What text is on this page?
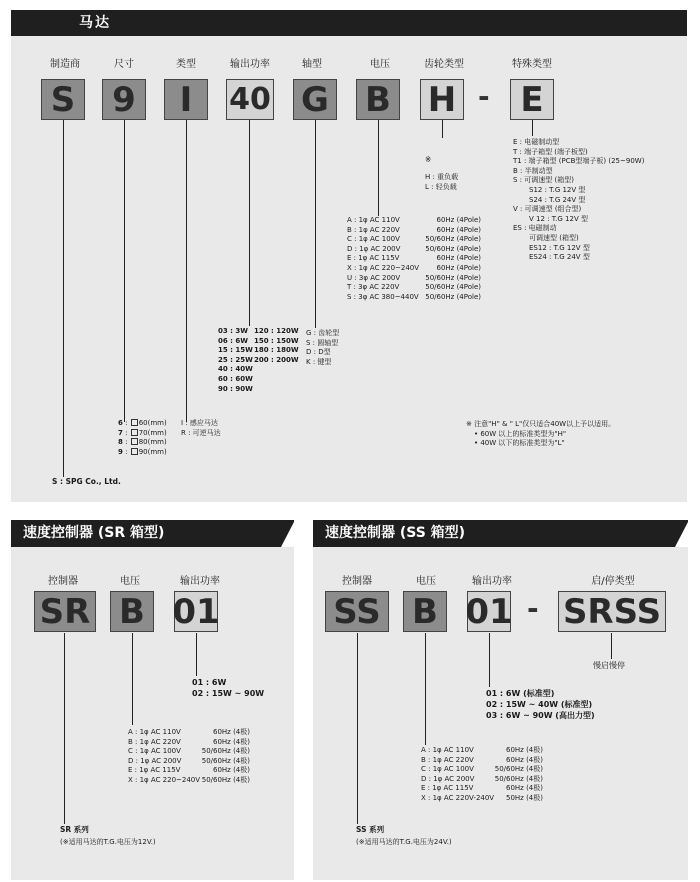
马达
制造商	尺寸	类型	输出功率	轴型	电压	齿轮类型	特殊类型
S 9	I	40 G B H - E
S : SPG Co., Ltd.
6 : 60(mm)
7 : 70(mm)
8 : 80(mm)
9 : 90(mm)
I : 感应马达
R : 可逆马达
03 : 3W
06 : 6W
15 : 15W
25 : 25W
40 : 40W
60 : 60W
90 : 90W
120 : 120W
150 : 150W
180 : 180W
200 : 200W
G : 齿轮型
S : 圆轴型
D : D型
K : 键型
A : 1φ AC 110V	60Hz (4Pole)
B : 1φ AC 220V	60Hz (4Pole)
C : 1φ AC 100V	50/60Hz (4Pole)
D : 1φ AC 200V	50/60Hz (4Pole)
E : 1φ AC 115V	60Hz (4Pole)
X : 1φ AC 220~240V	60Hz (4Pole)
U : 3φ AC 200V	50/60Hz (4Pole)
T : 3φ AC 220V	50/60Hz (4Pole)
S : 3φ AC 380~440V 50/60Hz (4Pole)
※
H : 重负载
L : 轻负载
E : 电磁制动型
T : 端子箱型 (端子板型)
T1 : 端子箱型 (PCB型端子板) (25~90W)
B : 半制动型
S : 可调速型 (箱型)
S12 : T.G 12V 型
S24 : T.G 24V 型
V : 可调速型 (组合型)
V 12 : T.G 12V 型
ES : 电磁制动
可调速型 (箱型)
ES12 : T.G 12V 型
ES24 : T.G 24V 型
※ 注意"H" & " L"仅只适合40W以上予以适用。
• 60W 以上的标准类型为"H"
• 40W 以下的标准类型为"L"
速度控制器 (SR 箱型)
控制器	电压	输出功率
SR B 01
01 : 6W
02 : 15W ~ 90W
A : 1φ AC 110V	60Hz (4极)
B : 1φ AC 220V	60Hz (4极)
C : 1φ AC 100V	50/60Hz (4极)
D : 1φ AC 200V	50/60Hz (4极)
E : 1φ AC 115V	60Hz (4极)
X : 1φ AC 220~240V 50/60Hz (4极)
SR 系列
(※适用马达的T.G.电压为12V.)
速度控制器 (SS 箱型)
控制器	电压	输出功率	启/停类型
SS B 01 - SRSS
慢启慢停
01 : 6W (标准型)
02 : 15W ~ 40W (标准型)
03 : 6W ~ 90W (高出力型)
A : 1φ AC 110V	60Hz (4极)
B : 1φ AC 220V	60Hz (4极)
C : 1φ AC 100V	50/60Hz (4极)
D : 1φ AC 200V	50/60Hz (4极)
E : 1φ AC 115V	60Hz (4极)
X : 1φ AC 220V-240V	50Hz (4极)
SS 系列
(※适用马达的T.G.电压为24V.)
